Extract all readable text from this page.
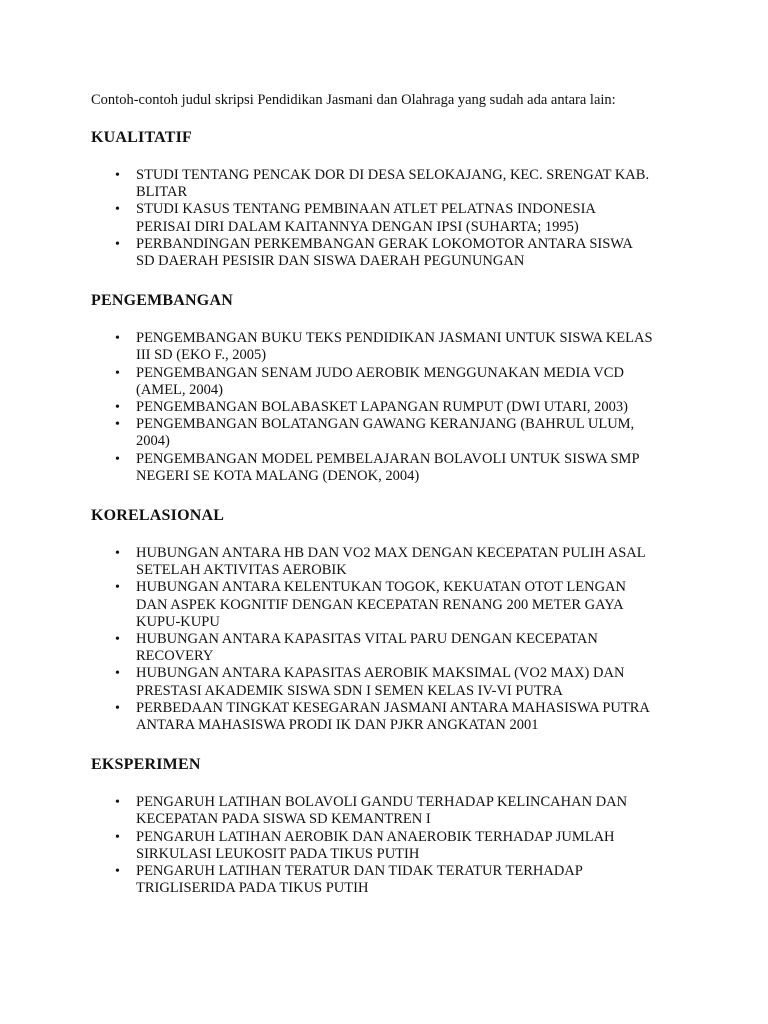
Contoh-contoh judul skripsi Pendidikan Jasmani dan Olahraga yang sudah ada antara lain:

KUALITATIF
• STUDI TENTANG PENCAK DOR DI DESA SELOKAJANG, KEC. SRENGAT KAB.
BLITAR
• STUDI KASUS TENTANG PEMBINAAN ATLET PELATNAS INDONESIA
PERISAI DIRI DALAM KAITANNYA DENGAN IPSI (SUHARTA; 1995)
• PERBANDINGAN PERKEMBANGAN GERAK LOKOMOTOR ANTARA SISWA
SD DAERAH PESISIR DAN SISWA DAERAH PEGUNUNGAN
PENGEMBANGAN
• PENGEMBANGAN BUKU TEKS PENDIDIKAN JASMANI UNTUK SISWA KELAS
III SD (EKO F., 2005)
• PENGEMBANGAN SENAM JUDO AEROBIK MENGGUNAKAN MEDIA VCD
(AMEL, 2004)
• PENGEMBANGAN BOLABASKET LAPANGAN RUMPUT (DWI UTARI, 2003)
• PENGEMBANGAN BOLATANGAN GAWANG KERANJANG (BAHRUL ULUM,
2004)
• PENGEMBANGAN MODEL PEMBELAJARAN BOLAVOLI UNTUK SISWA SMP
NEGERI SE KOTA MALANG (DENOK, 2004)
KORELASIONAL
• HUBUNGAN ANTARA HB DAN VO2 MAX DENGAN KECEPATAN PULIH ASAL
SETELAH AKTIVITAS AEROBIK
• HUBUNGAN ANTARA KELENTUKAN TOGOK, KEKUATAN OTOT LENGAN
DAN ASPEK KOGNITIF DENGAN KECEPATAN RENANG 200 METER GAYA
KUPU-KUPU
• HUBUNGAN ANTARA KAPASITAS VITAL PARU DENGAN KECEPATAN
RECOVERY
• HUBUNGAN ANTARA KAPASITAS AEROBIK MAKSIMAL (VO2 MAX) DAN
PRESTASI AKADEMIK SISWA SDN I SEMEN KELAS IV-VI PUTRA
• PERBEDAAN TINGKAT KESEGARAN JASMANI ANTARA MAHASISWA PUTRA
ANTARA MAHASISWA PRODI IK DAN PJKR ANGKATAN 2001
EKSPERIMEN
• PENGARUH LATIHAN BOLAVOLI GANDU TERHADAP KELINCAHAN DAN
KECEPATAN PADA SISWA SD KEMANTREN I
• PENGARUH LATIHAN AEROBIK DAN ANAEROBIK TERHADAP JUMLAH
SIRKULASI LEUKOSIT PADA TIKUS PUTIH
• PENGARUH LATIHAN TERATUR DAN TIDAK TERATUR TERHADAP
TRIGLISERIDA PADA TIKUS PUTIH
